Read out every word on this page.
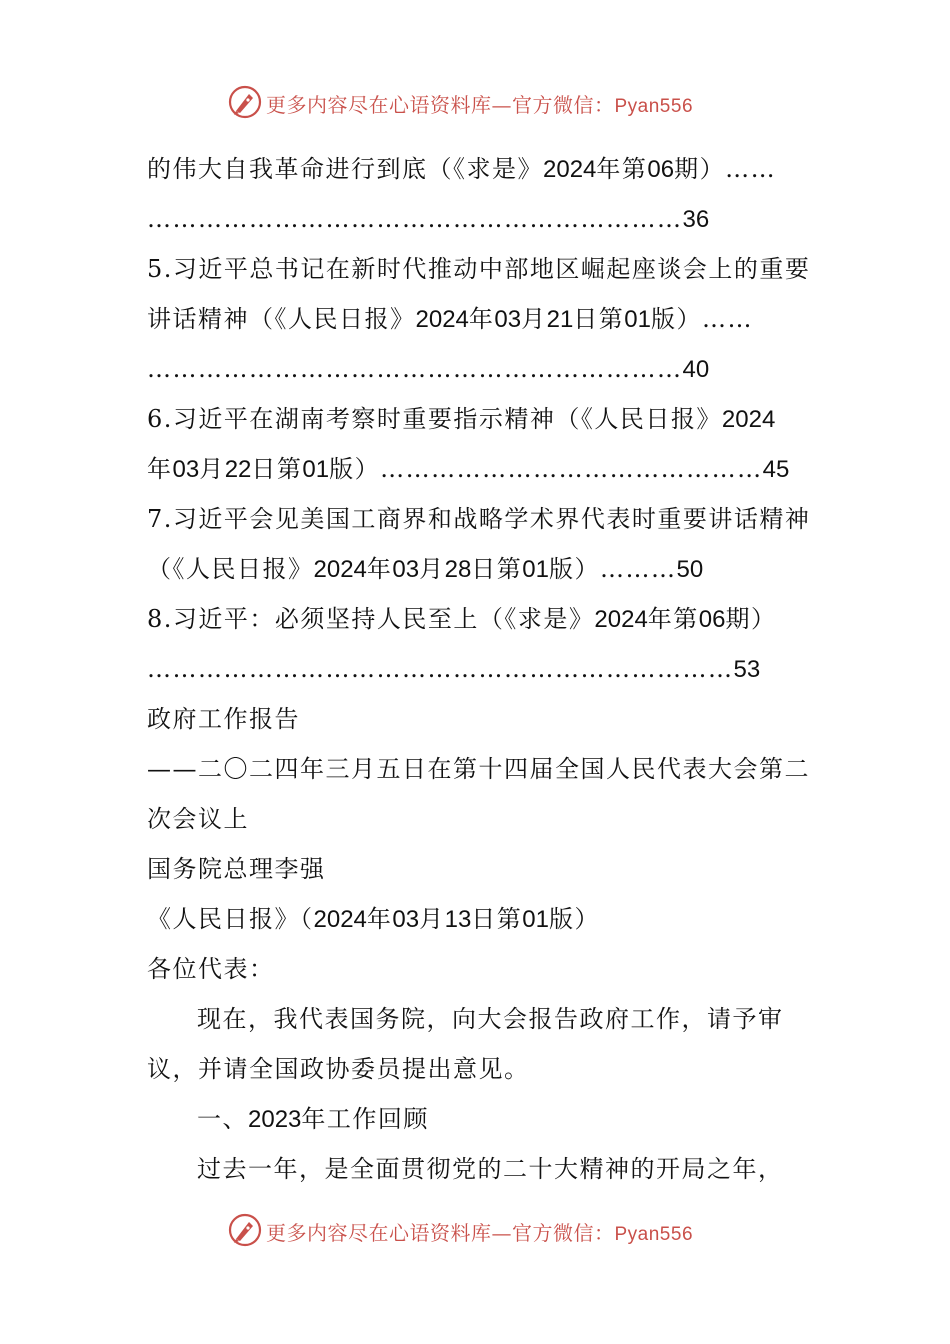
更多内容尽在心语资料库—官方微信：Pyan556
的伟大自我革命进行到底（《求是》2024年第06期）……
………………………………………………………36
5.习近平总书记在新时代推动中部地区崛起座谈会上的重要
讲话精神（《人民日报》2024年03月21日第01版）……
………………………………………………………40
6.习近平在湖南考察时重要指示精神（《人民日报》2024
年03月22日第01版）………………………………………45
7.习近平会见美国工商界和战略学术界代表时重要讲话精神
（《人民日报》2024年03月28日第01版）………50
8.习近平：必须坚持人民至上（《求是》2024年第06期）
……………………………………………………………53
政府工作报告
——二〇二四年三月五日在第十四届全国人民代表大会第二
次会议上
国务院总理李强
《人民日报》（2024年03月13日第01版）
各位代表：
现在，我代表国务院，向大会报告政府工作，请予审
议，并请全国政协委员提出意见。
一、2023年工作回顾
过去一年，是全面贯彻党的二十大精神的开局之年，
更多内容尽在心语资料库—官方微信：Pyan556
